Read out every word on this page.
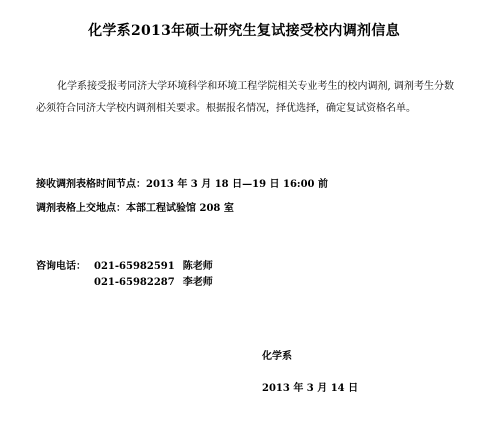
化学系2013年硕士研究生复试接受校内调剂信息
化学系接受报考同济大学环境科学和环境工程学院相关专业考生的校内调剂, 调剂考生分数必须符合同济大学校内调剂相关要求。根据报名情况，择优选择，确定复试资格名单。
接收调剂表格时间节点：2013 年 3 月 18 日—19 日 16:00 前
调剂表格上交地点：本部工程试验馆 208 室
咨询电话： 021-65982591 陈老师
021-65982287 李老师
化学系
2013 年 3 月 14 日
